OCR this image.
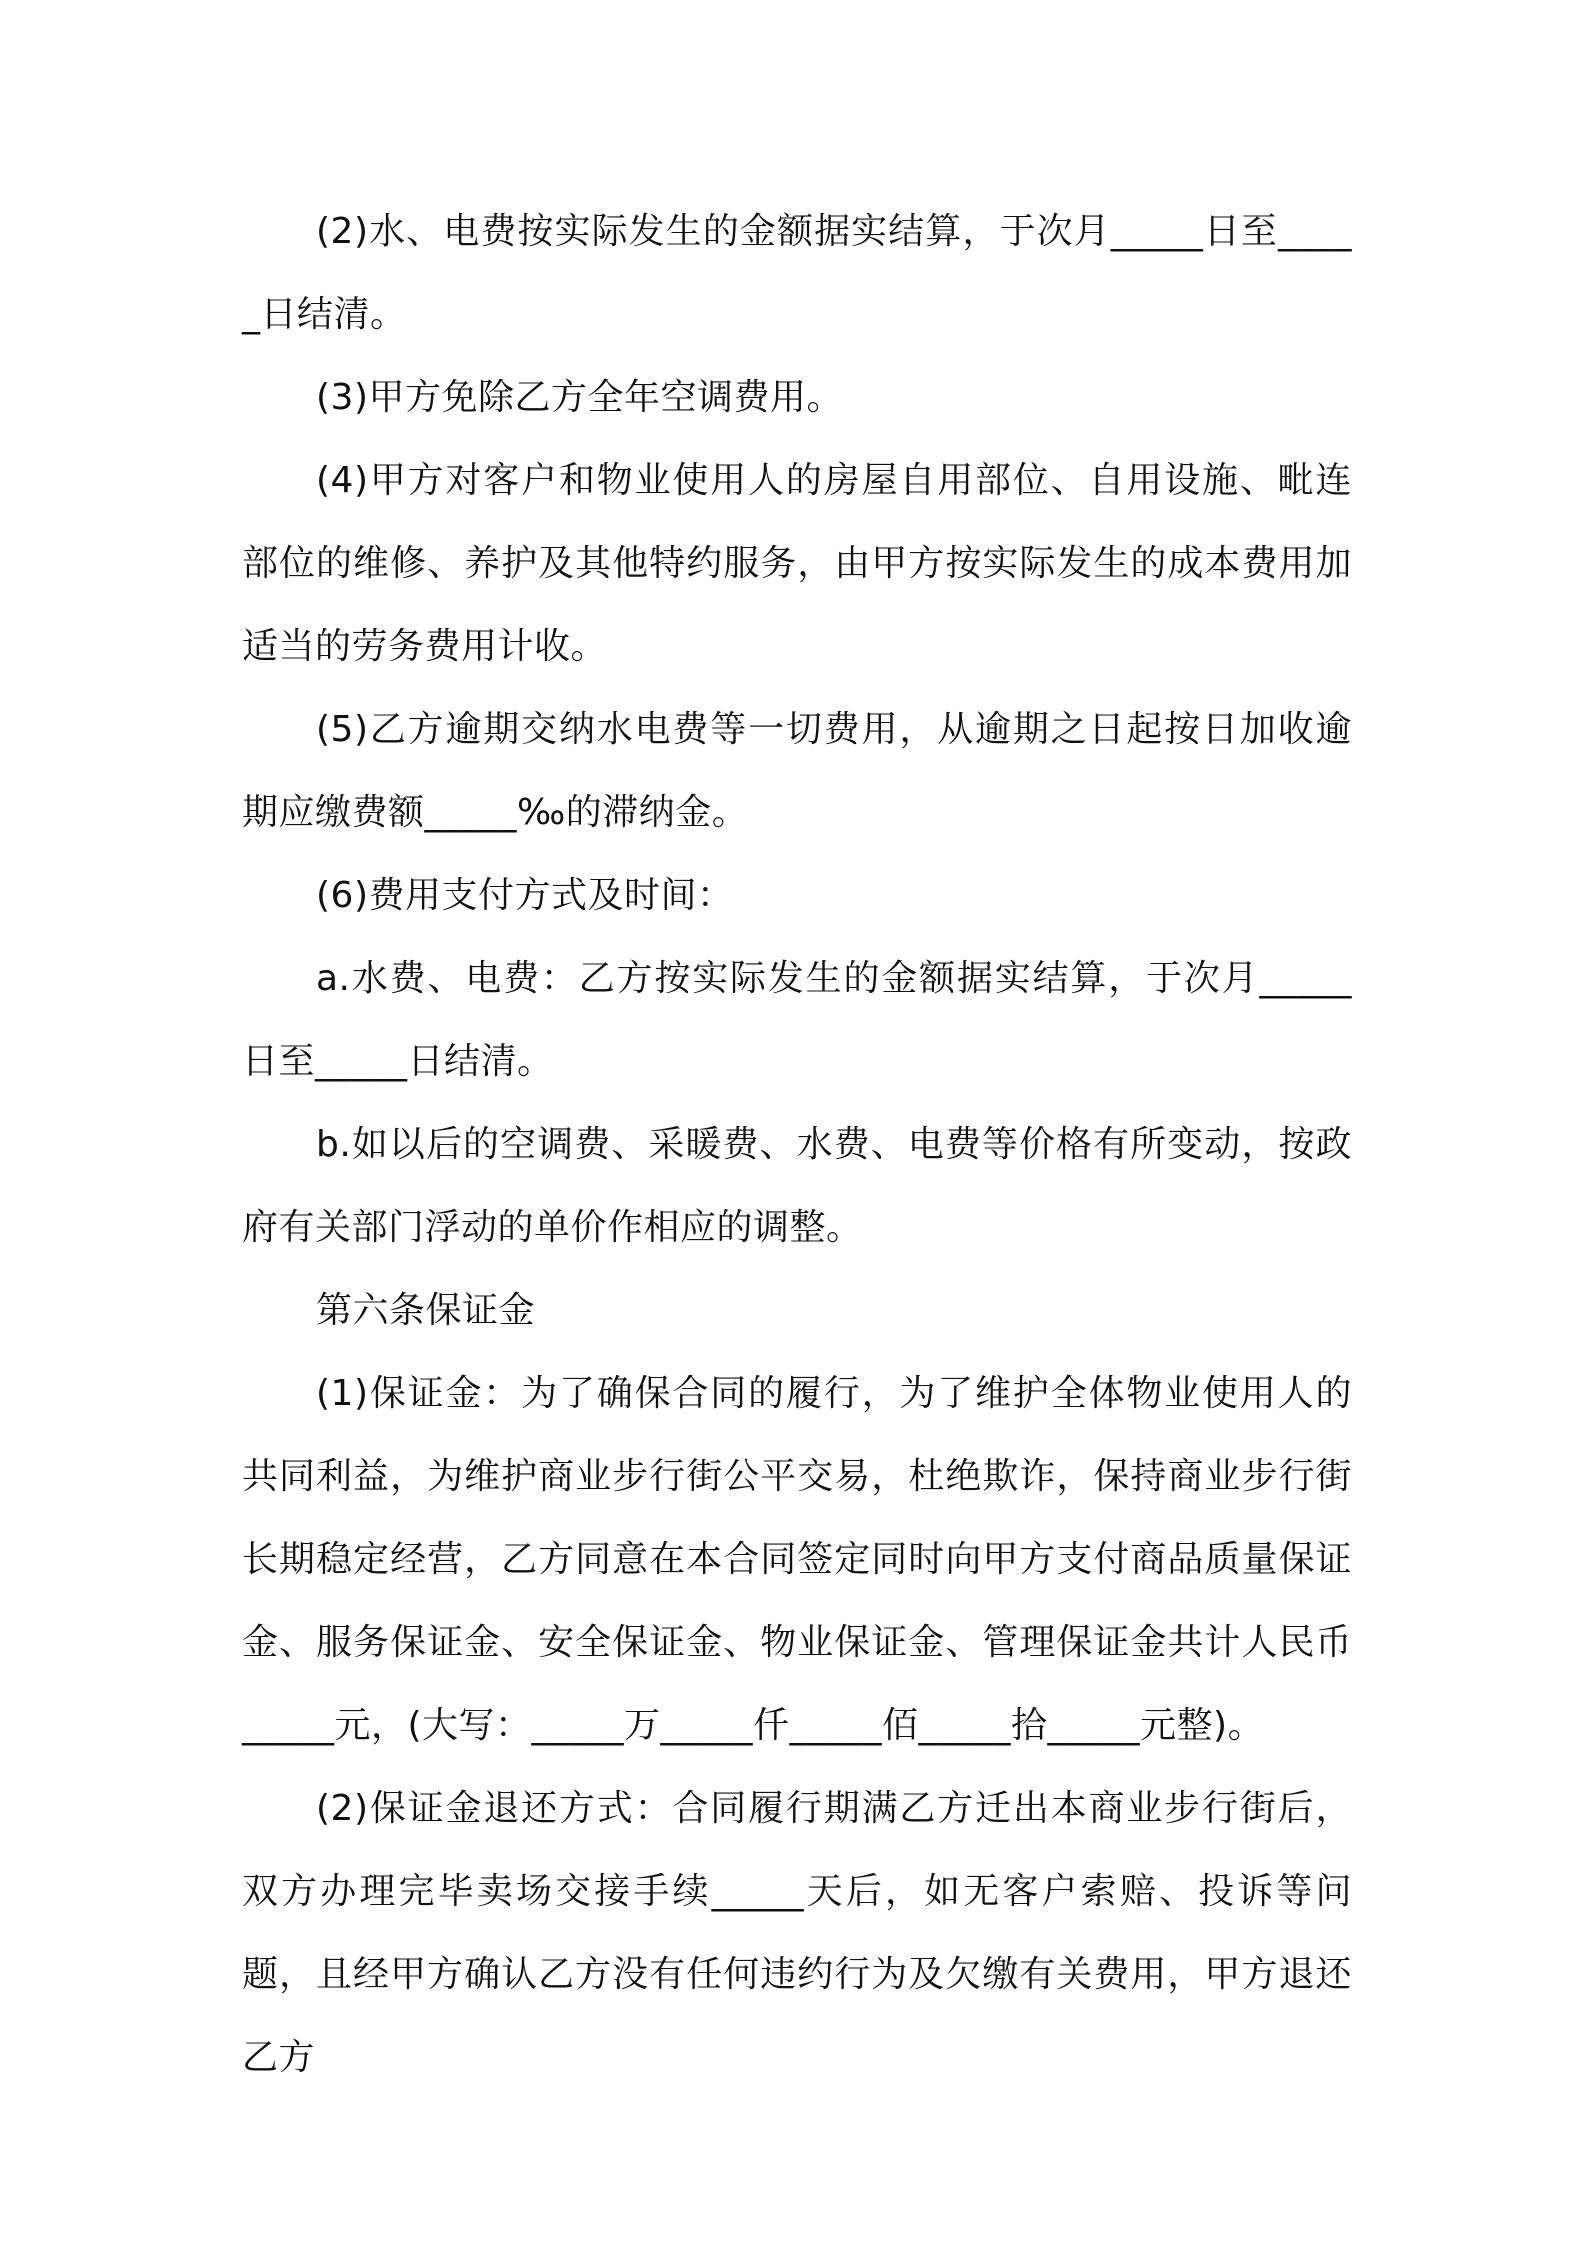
(2)水、电费按实际发生的金额据实结算，于次月_____日至_____日结清。

(3)甲方免除乙方全年空调费用。

(4)甲方对客户和物业使用人的房屋自用部位、自用设施、毗连部位的维修、养护及其他特约服务，由甲方按实际发生的成本费用加适当的劳务费用计收。

(5)乙方逾期交纳水电费等一切费用，从逾期之日起按日加收逾期应缴费额_____‰的滞纳金。

(6)费用支付方式及时间：

a.水费、电费：乙方按实际发生的金额据实结算，于次月_____日至_____日结清。

b.如以后的空调费、采暖费、水费、电费等价格有所变动，按政府有关部门浮动的单价作相应的调整。

第六条保证金

(1)保证金：为了确保合同的履行，为了维护全体物业使用人的共同利益，为维护商业步行街公平交易，杜绝欺诈，保持商业步行街长期稳定经营，乙方同意在本合同签定同时向甲方支付商品质量保证金、服务保证金、安全保证金、物业保证金、管理保证金共计人民币_____元，(大写：_____万_____仟_____佰_____拾_____元整)。

(2)保证金退还方式：合同履行期满乙方迁出本商业步行街后，双方办理完毕卖场交接手续_____天后，如无客户索赔、投诉等问题，且经甲方确认乙方没有任何违约行为及欠缴有关费用，甲方退还乙方
